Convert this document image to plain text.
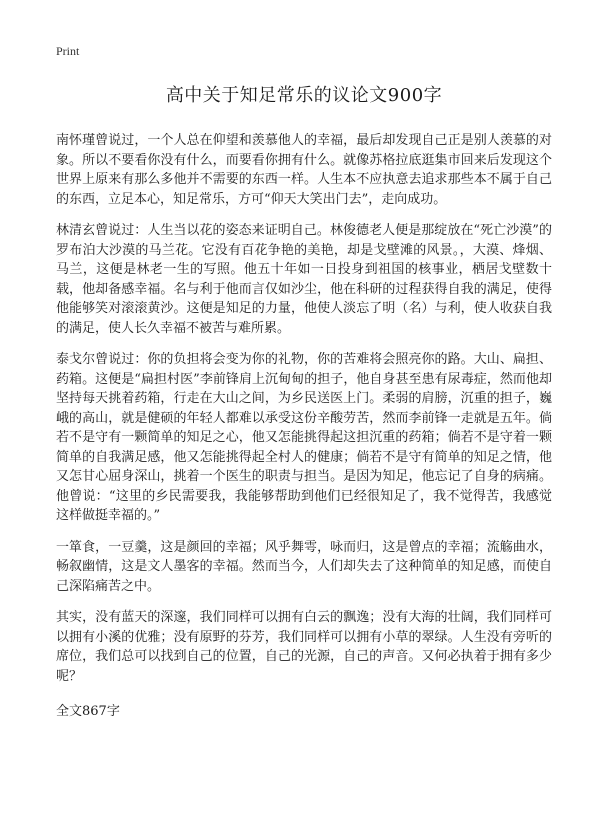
Print
高中关于知足常乐的议论文900字

南怀瑾曾说过，一个人总在仰望和羡慕他人的幸福，最后却发现自己正是别人羡慕的对象。所以不要看你没有什么，而要看你拥有什么。就像苏格拉底逛集市回来后发现这个世界上原来有那么多他并不需要的东西一样。人生本不应执意去追求那些本不属于自己的东西，立足本心，知足常乐，方可“仰天大笑出门去”，走向成功。

林清玄曾说过：人生当以花的姿态来证明自己。林俊德老人便是那绽放在“死亡沙漠”的罗布泊大沙漠的马兰花。它没有百花争艳的美艳，却是戈壁滩的风景。，大漠、烽烟、马兰，这便是林老一生的写照。他五十年如一日投身到祖国的核事业，栖居戈壁数十载，他却备感幸福。名与利于他而言仅如沙尘，他在科研的过程获得自我的满足，使得他能够笑对滚滚黄沙。这便是知足的力量，他使人淡忘了明（名）与利，使人收获自我的满足，使人长久幸福不被苦与难所累。

泰戈尔曾说过：你的负担将会变为你的礼物，你的苦难将会照亮你的路。大山、扁担、药箱。这便是“扁担村医”李前锋肩上沉甸甸的担子，他自身甚至患有尿毒症，然而他却坚持每天挑着药箱，行走在大山之间，为乡民送医上门。柔弱的肩膀，沉重的担子，巍峨的高山，就是健硕的年轻人都难以承受这份辛酸劳苦，然而李前锋一走就是五年。倘若不是守有一颗简单的知足之心，他又怎能挑得起这担沉重的药箱；倘若不是守着一颗简单的自我满足感，他又怎能挑得起全村人的健康；倘若不是守有简单的知足之情，他又怎甘心屈身深山，挑着一个医生的职责与担当。是因为知足，他忘记了自身的病痛。他曾说：“这里的乡民需要我，我能够帮助到他们已经很知足了，我不觉得苦，我感觉这样做挺幸福的。”

一箪食，一豆羹，这是颜回的幸福；风乎舞雩，咏而归，这是曾点的幸福；流觞曲水，畅叙幽情，这是文人墨客的幸福。然而当今，人们却失去了这种简单的知足感，而使自己深陷痛苦之中。

其实，没有蓝天的深邃，我们同样可以拥有白云的飘逸；没有大海的壮阔，我们同样可以拥有小溪的优雅；没有原野的芬芳，我们同样可以拥有小草的翠绿。人生没有旁听的席位，我们总可以找到自己的位置，自己的光源，自己的声音。又何必执着于拥有多少呢？

全文867字
